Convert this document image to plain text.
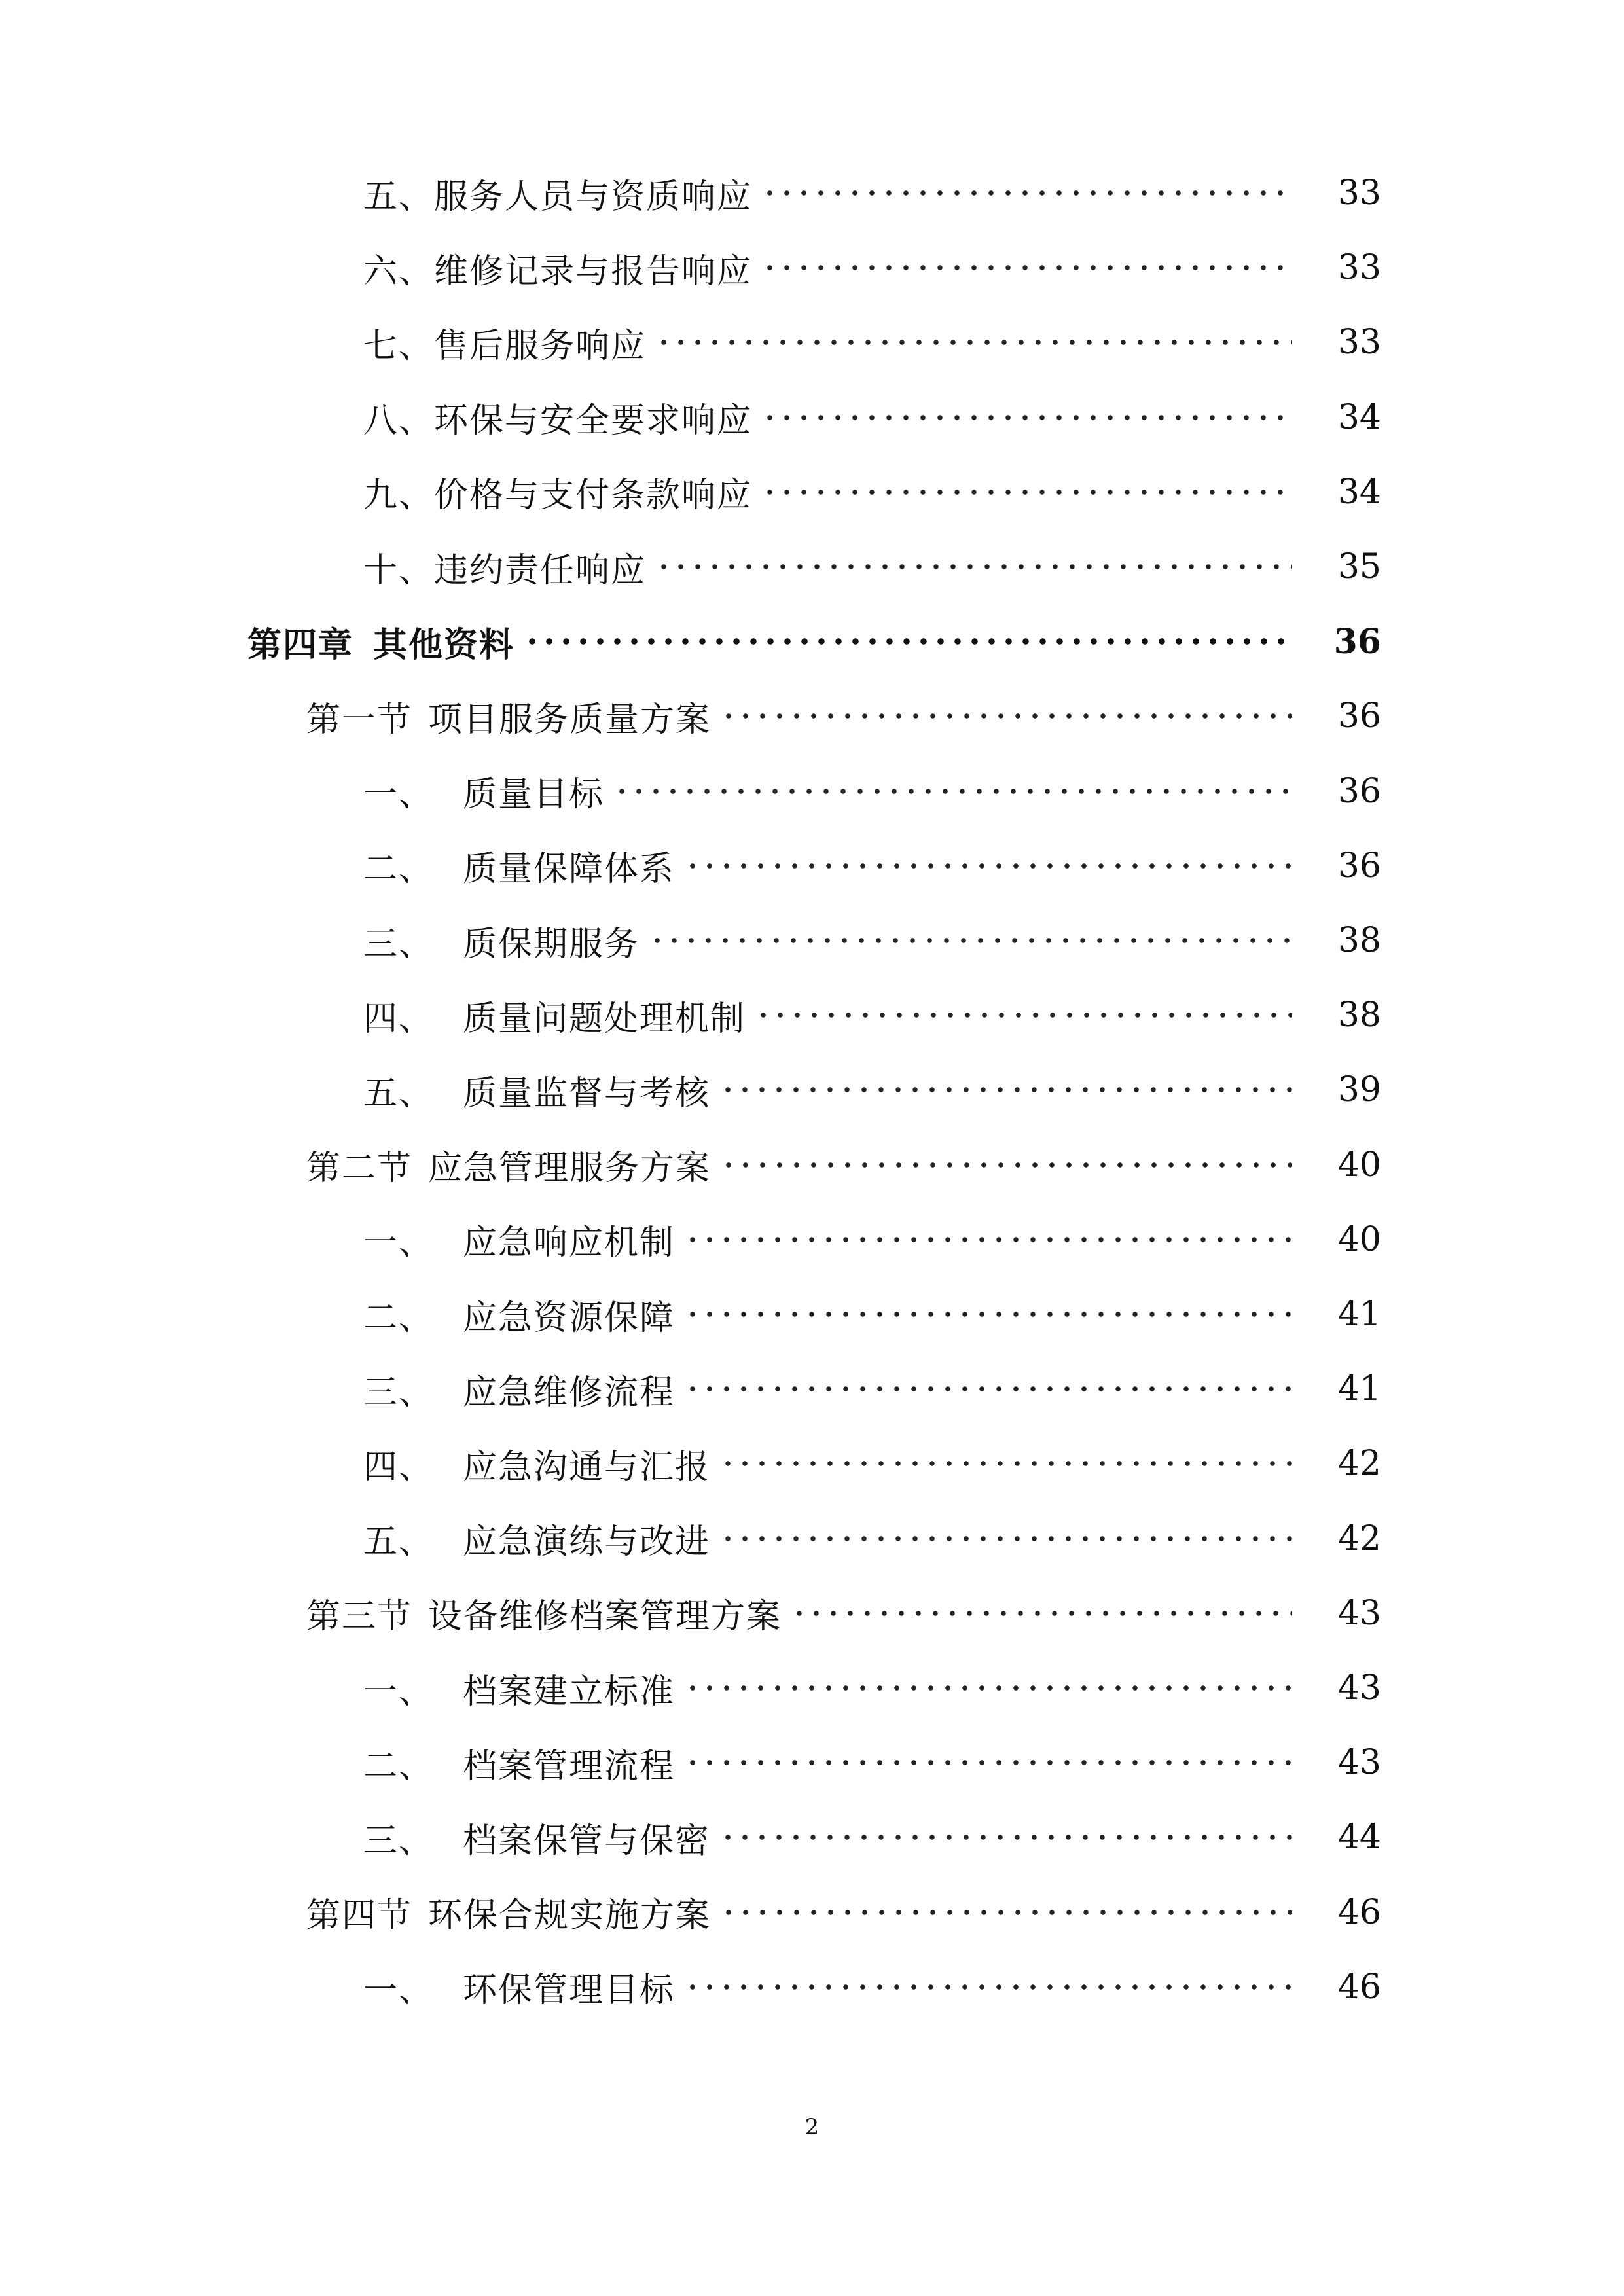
五、服务人员与资质响应	33
六、维修记录与报告响应	33
七、售后服务响应	33
八、环保与安全要求响应	34
九、价格与支付条款响应	34
十、违约责任响应	35
第四章 其他资料	36
第一节 项目服务质量方案	36
一、 质量目标	36
二、 质量保障体系	36
三、 质保期服务	38
四、 质量问题处理机制	38
五、 质量监督与考核	39
第二节 应急管理服务方案	40
一、 应急响应机制	40
二、 应急资源保障	41
三、 应急维修流程	41
四、 应急沟通与汇报	42
五、 应急演练与改进	42
第三节 设备维修档案管理方案	43
一、 档案建立标准	43
二、 档案管理流程	43
三、 档案保管与保密	44
第四节 环保合规实施方案	46
一、 环保管理目标	46
2
